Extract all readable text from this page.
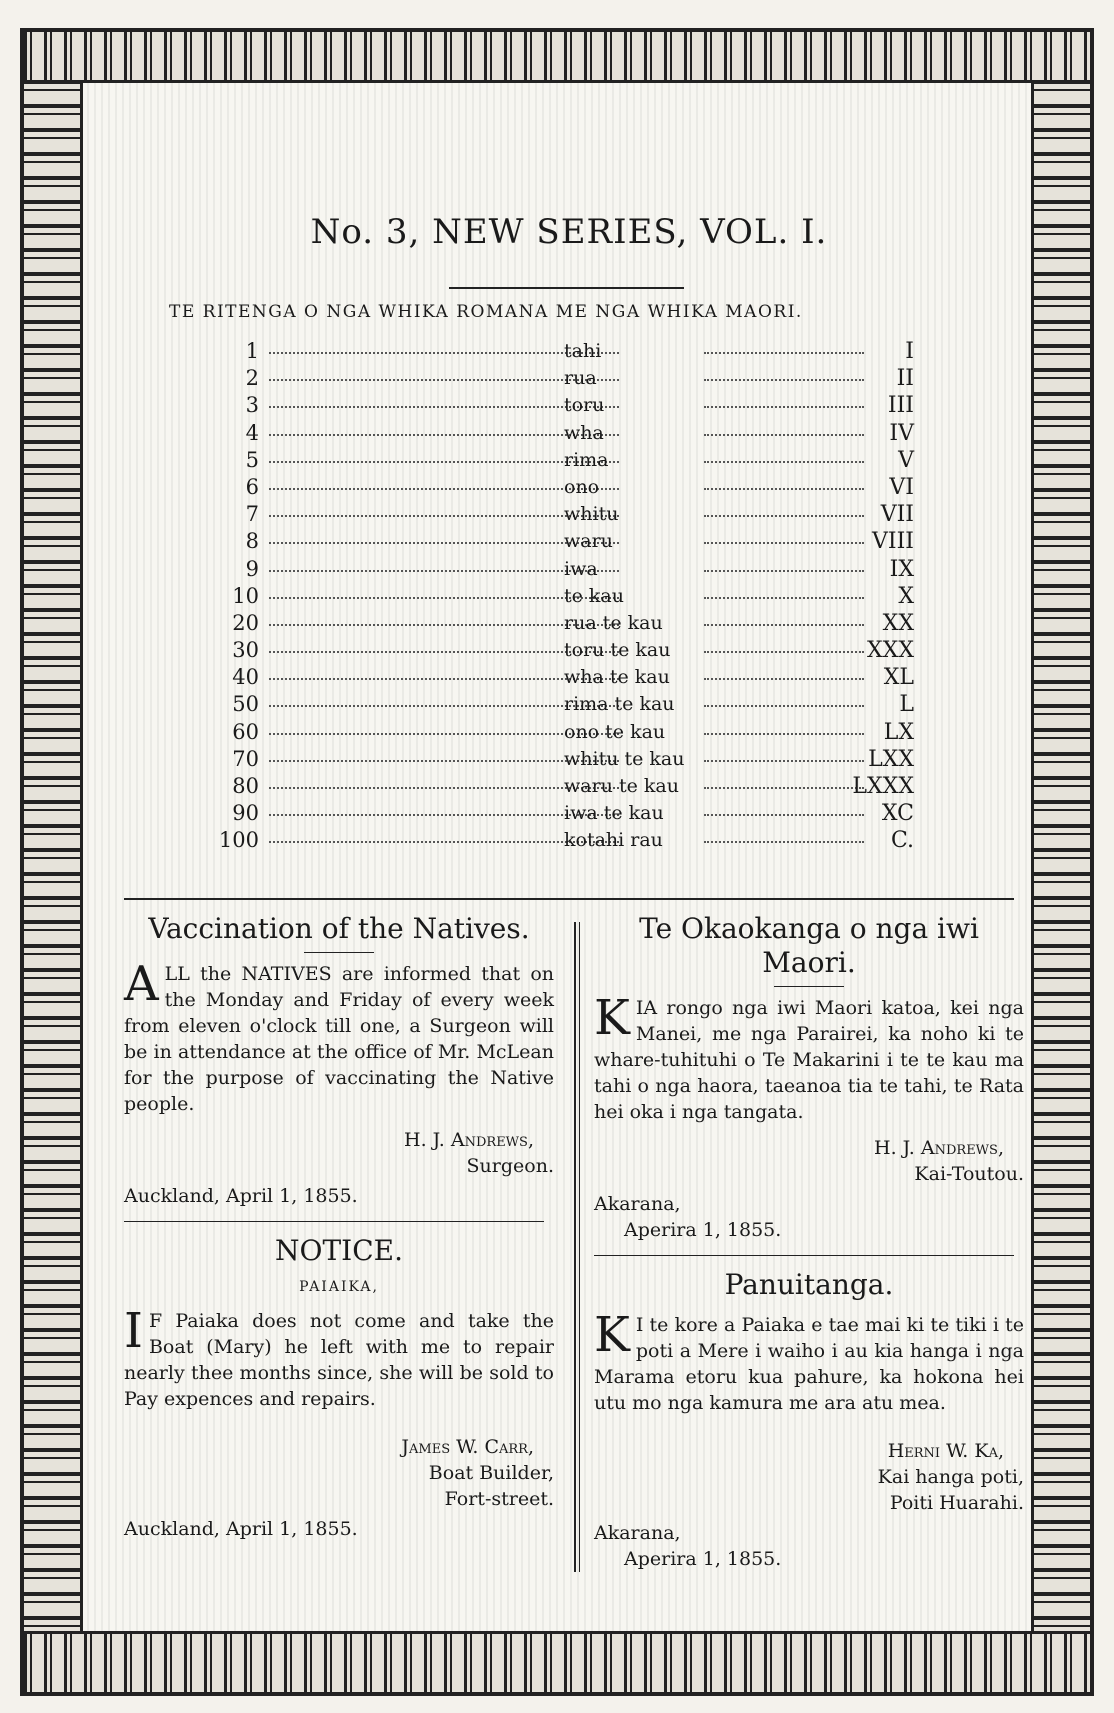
No. 3, NEW SERIES, VOL. I.
TE RITENGA O NGA WHIKA ROMANA ME NGA WHIKA MAORI.
1	tahi	I
2	rua	II
3	toru	III
4	wha	IV
5	rima	V
6	ono	VI
7	whitu	VII
8	waru	VIII
9	iwa	IX
10	te kau	X
20	rua te kau	XX
30	toru te kau	XXX
40	wha te kau	XL
50	rima te kau	L
60	ono te kau	LX
70	whitu te kau	LXX
80	waru te kau	LXXX
90	iwa te kau	XC
100	kotahi rau	C.
Vaccination of the Natives.

ALL the NATIVES are informed that on the Monday and Friday of every week from eleven o'clock till one, a Surgeon will be in attendance at the office of Mr. McLean for the purpose of vaccinating the Native people.

H. J. Andrews,

Surgeon.

Auckland, April 1, 1855.

NOTICE.
PAIAIKA,

I F Paiaka does not come and take the Boat (Mary) he left with me to repair nearly thee months since, she will be sold to Pay expences and repairs.

James W. Carr,

Boat Builder,

Fort-street.

Auckland, April 1, 1855.

Te Okaokanga o nga iwi Maori.

KIA rongo nga iwi Maori katoa, kei nga Manei, me nga Parairei, ka noho ki te whare-tuhituhi o Te Makarini i te te kau ma tahi o nga haora, taeanoa tia te tahi, te Rata hei oka i nga tangata.

H. J. Andrews,

Kai-Toutou.

Akarana,

Aperira 1, 1855.

Panuitanga.

K I te kore a Paiaka e tae mai ki te tiki i te poti a Mere i waiho i au kia hanga i nga Marama etoru kua pahure, ka hokona hei utu mo nga kamura me ara atu mea.

Herni W. Ka,

Kai hanga poti,

Poiti Huarahi.

Akarana,

Aperira 1, 1855.
